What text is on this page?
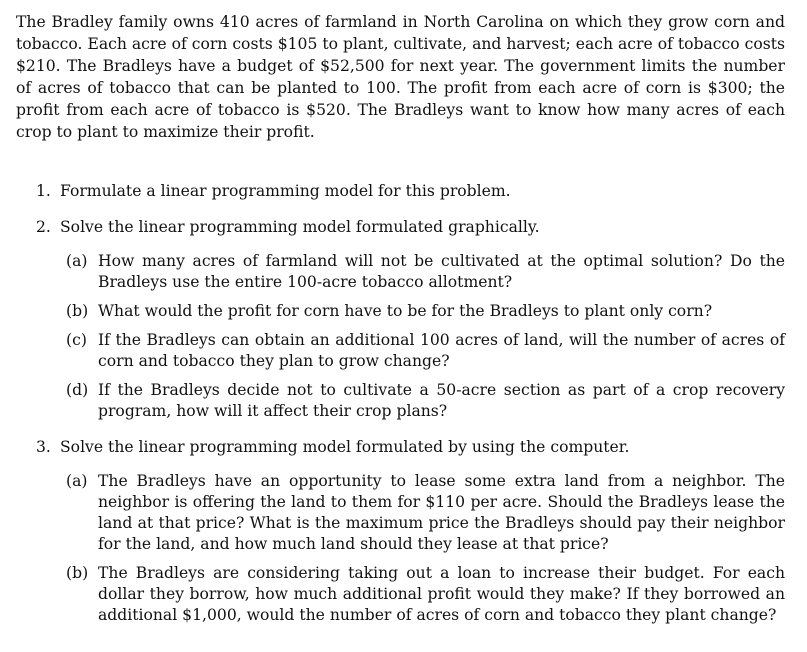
The Bradley family owns 410 acres of farmland in North Carolina on which they grow corn and tobacco. Each acre of corn costs $105 to plant, cultivate, and harvest; each acre of tobacco costs $210. The Bradleys have a budget of $52,500 for next year. The government limits the number of acres of tobacco that can be planted to 100. The profit from each acre of corn is $300; the profit from each acre of tobacco is $520. The Bradleys want to know how many acres of each crop to plant to maximize their profit.

1. Formulate a linear programming model for this problem.
2. Solve the linear programming model formulated graphically.
(a) How many acres of farmland will not be cultivated at the optimal solution? Do the Bradleys use the entire 100-acre tobacco allotment?
(b) What would the profit for corn have to be for the Bradleys to plant only corn?
(c) If the Bradleys can obtain an additional 100 acres of land, will the number of acres of corn and tobacco they plan to grow change?
(d) If the Bradleys decide not to cultivate a 50-acre section as part of a crop recovery program, how will it affect their crop plans?
3. Solve the linear programming model formulated by using the computer.
(a) The Bradleys have an opportunity to lease some extra land from a neighbor. The neighbor is offering the land to them for $110 per acre. Should the Bradleys lease the land at that price? What is the maximum price the Bradleys should pay their neighbor for the land, and how much land should they lease at that price?
(b) The Bradleys are considering taking out a loan to increase their budget. For each dollar they borrow, how much additional profit would they make? If they borrowed an additional $1,000, would the number of acres of corn and tobacco they plant change?
